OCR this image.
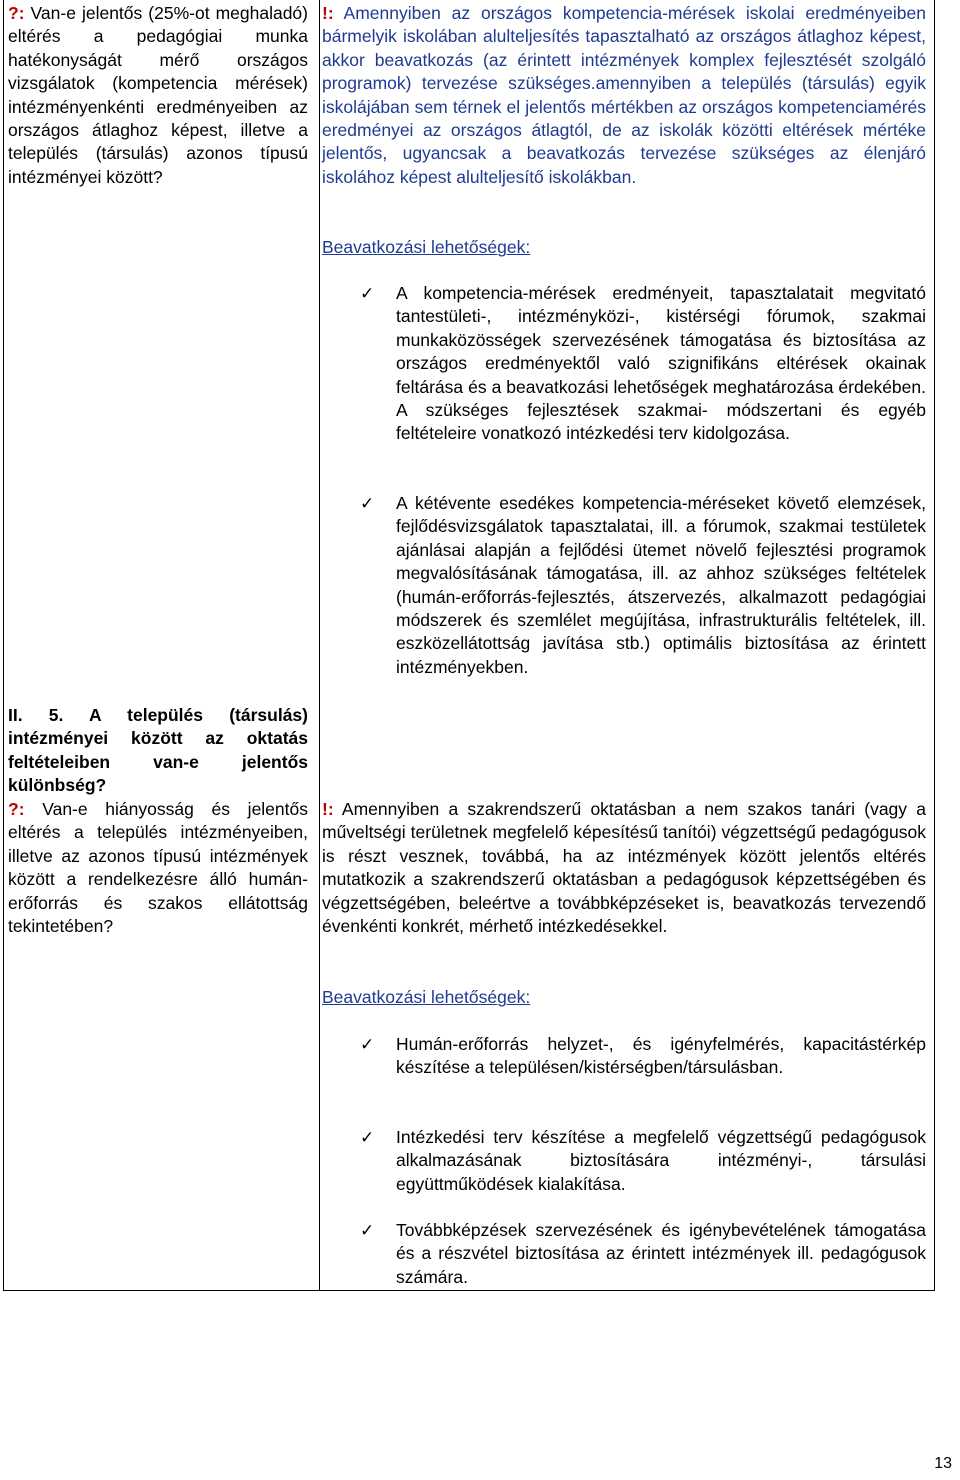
?: Van-e jelentős (25%-ot meghaladó) eltérés a pedagógiai munka hatékonyságát mérő országos vizsgálatok (kompetencia mérések) intézményenkénti eredményeiben az országos átlaghoz képest, illetve a település (társulás) azonos típusú intézményei között?
II. 5. A település (társulás) intézményei között az oktatás feltételeiben van-e jelentős különbség?
?: Van-e hiányosság és jelentős eltérés a település intézményeiben, illetve az azonos típusú intézmények között a rendelkezésre álló humán- erőforrás és szakos ellátottság tekintetében?
!: Amennyiben az országos kompetencia-mérések iskolai eredményeiben bármelyik iskolában alulteljesítés tapasztalható az országos átlaghoz képest, akkor beavatkozás (az érintett intézmények komplex fejlesztését szolgáló programok) tervezése szükséges.amennyiben a település (társulás) egyik iskolájában sem térnek el jelentős mértékben az országos kompetenciamérés eredményei az országos átlagtól, de az iskolák közötti eltérések mértéke jelentős, ugyancsak a beavatkozás tervezése szükséges az élenjáró iskolához képest alulteljesítő iskolákban.
Beavatkozási lehetőségek:
✓ A kompetencia-mérések eredményeit, tapasztalatait megvitató tantestületi-, intézményközi-, kistérségi fórumok, szakmai munkaközösségek szervezésének támogatása és biztosítása az országos eredményektől való szignifikáns eltérések okainak feltárása és a beavatkozási lehetőségek meghatározása érdekében. A szükséges fejlesztések szakmai- módszertani és egyéb feltételeire vonatkozó intézkedési terv kidolgozása.
✓ A kétévente esedékes kompetencia-méréseket követő elemzések, fejlődésvizsgálatok tapasztalatai, ill. a fórumok, szakmai testületek ajánlásai alapján a fejlődési ütemet növelő fejlesztési programok megvalósításának támogatása, ill. az ahhoz szükséges feltételek (humán-erőforrás-fejlesztés, átszervezés, alkalmazott pedagógiai módszerek és szemlélet megújítása, infrastrukturális feltételek, ill. eszközellátottság javítása stb.) optimális biztosítása az érintett intézményekben.
!: Amennyiben a szakrendszerű oktatásban a nem szakos tanári (vagy a műveltségi területnek megfelelő képesítésű tanítói) végzettségű pedagógusok is részt vesznek, továbbá, ha az intézmények között jelentős eltérés mutatkozik a szakrendszerű oktatásban a pedagógusok képzettségében és végzettségében, beleértve a továbbképzéseket is, beavatkozás tervezendő évenkénti konkrét, mérhető intézkedésekkel.
Beavatkozási lehetőségek:
✓ Humán-erőforrás helyzet-, és igényfelmérés, kapacitástérkép készítése a településen/kistérségben/társulásban.
✓ Intézkedési terv készítése a megfelelő végzettségű pedagógusok alkalmazásának biztosítására intézményi-, társulási együttműködések kialakítása.
✓ Továbbképzések szervezésének és igénybevételének támogatása és a részvétel biztosítása az érintett intézmények ill. pedagógusok számára.
13
